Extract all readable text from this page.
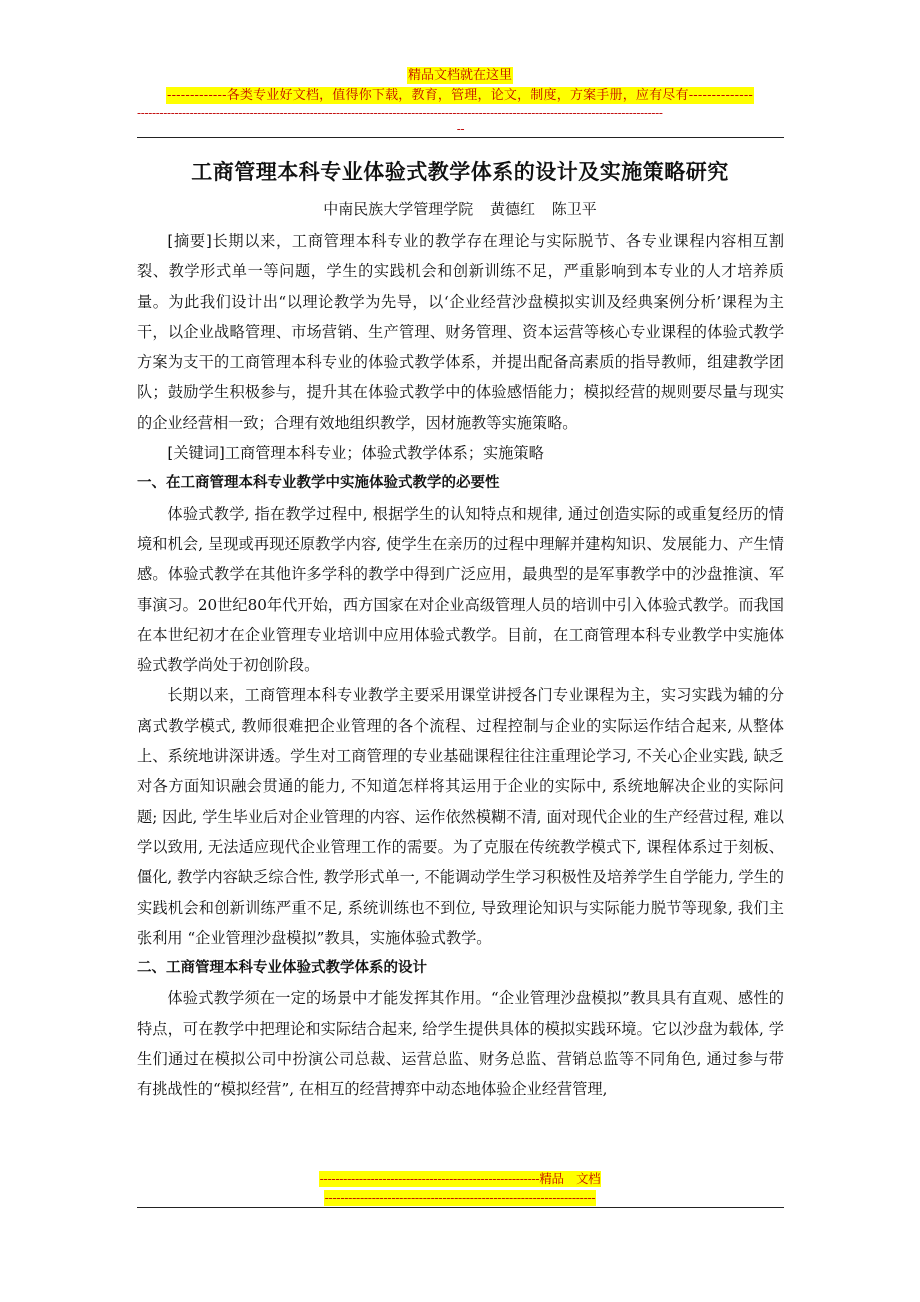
精品文档就在这里
-------------各类专业好文档，值得你下载，教育，管理，论文，制度，方案手册，应有尽有--------------
--------------------------------------------------------------------------------------------------------------------------------------------
--
工商管理本科专业体验式教学体系的设计及实施策略研究
中南民族大学管理学院 黄德红 陈卫平

[摘要]长期以来，工商管理本科专业的教学存在理论与实际脱节、各专业课程内容相互割裂、教学形式单一等问题，学生的实践机会和创新训练不足，严重影响到本专业的人才培养质量。为此我们设计出“以理论教学为先导，以‘企业经营沙盘模拟实训及经典案例分析’课程为主干，以企业战略管理、市场营销、生产管理、财务管理、资本运营等核心专业课程的体验式教学方案为支干的工商管理本科专业的体验式教学体系，并提出配备高素质的指导教师，组建教学团队；鼓励学生积极参与，提升其在体验式教学中的体验感悟能力；模拟经营的规则要尽量与现实的企业经营相一致；合理有效地组织教学，因材施教等实施策略。

[关键词]工商管理本科专业；体验式教学体系；实施策略

一、在工商管理本科专业教学中实施体验式教学的必要性

体验式教学, 指在教学过程中, 根据学生的认知特点和规律, 通过创造实际的或重复经历的情境和机会, 呈现或再现还原教学内容, 使学生在亲历的过程中理解并建构知识、发展能力、产生情感。体验式教学在其他许多学科的教学中得到广泛应用，最典型的是军事教学中的沙盘推演、军事演习。20世纪80年代开始，西方国家在对企业高级管理人员的培训中引入体验式教学。而我国在本世纪初才在企业管理专业培训中应用体验式教学。目前，在工商管理本科专业教学中实施体验式教学尚处于初创阶段。

长期以来，工商管理本科专业教学主要采用课堂讲授各门专业课程为主，实习实践为辅的分离式教学模式, 教师很难把企业管理的各个流程、过程控制与企业的实际运作结合起来, 从整体上、系统地讲深讲透。学生对工商管理的专业基础课程往往注重理论学习, 不关心企业实践, 缺乏对各方面知识融会贯通的能力, 不知道怎样将其运用于企业的实际中, 系统地解决企业的实际问题; 因此, 学生毕业后对企业管理的内容、运作依然模糊不清, 面对现代企业的生产经营过程, 难以学以致用, 无法适应现代企业管理工作的需要。为了克服在传统教学模式下, 课程体系过于刻板、僵化, 教学内容缺乏综合性, 教学形式单一, 不能调动学生学习积极性及培养学生自学能力, 学生的实践机会和创新训练严重不足, 系统训练也不到位, 导致理论知识与实际能力脱节等现象, 我们主张利用 “企业管理沙盘模拟”教具，实施体验式教学。

二、工商管理本科专业体验式教学体系的设计

体验式教学须在一定的场景中才能发挥其作用。“企业管理沙盘模拟”教具具有直观、感性的特点，可在教学中把理论和实际结合起来, 给学生提供具体的模拟实践环境。它以沙盘为载体, 学生们通过在模拟公司中扮演公司总裁、运营总监、财务总监、营销总监等不同角色, 通过参与带有挑战性的“模拟经营”, 在相互的经营搏弈中动态地体验企业经营管理,

--------------------------------------------------------精品　文档
---------------------------------------------------------------------
